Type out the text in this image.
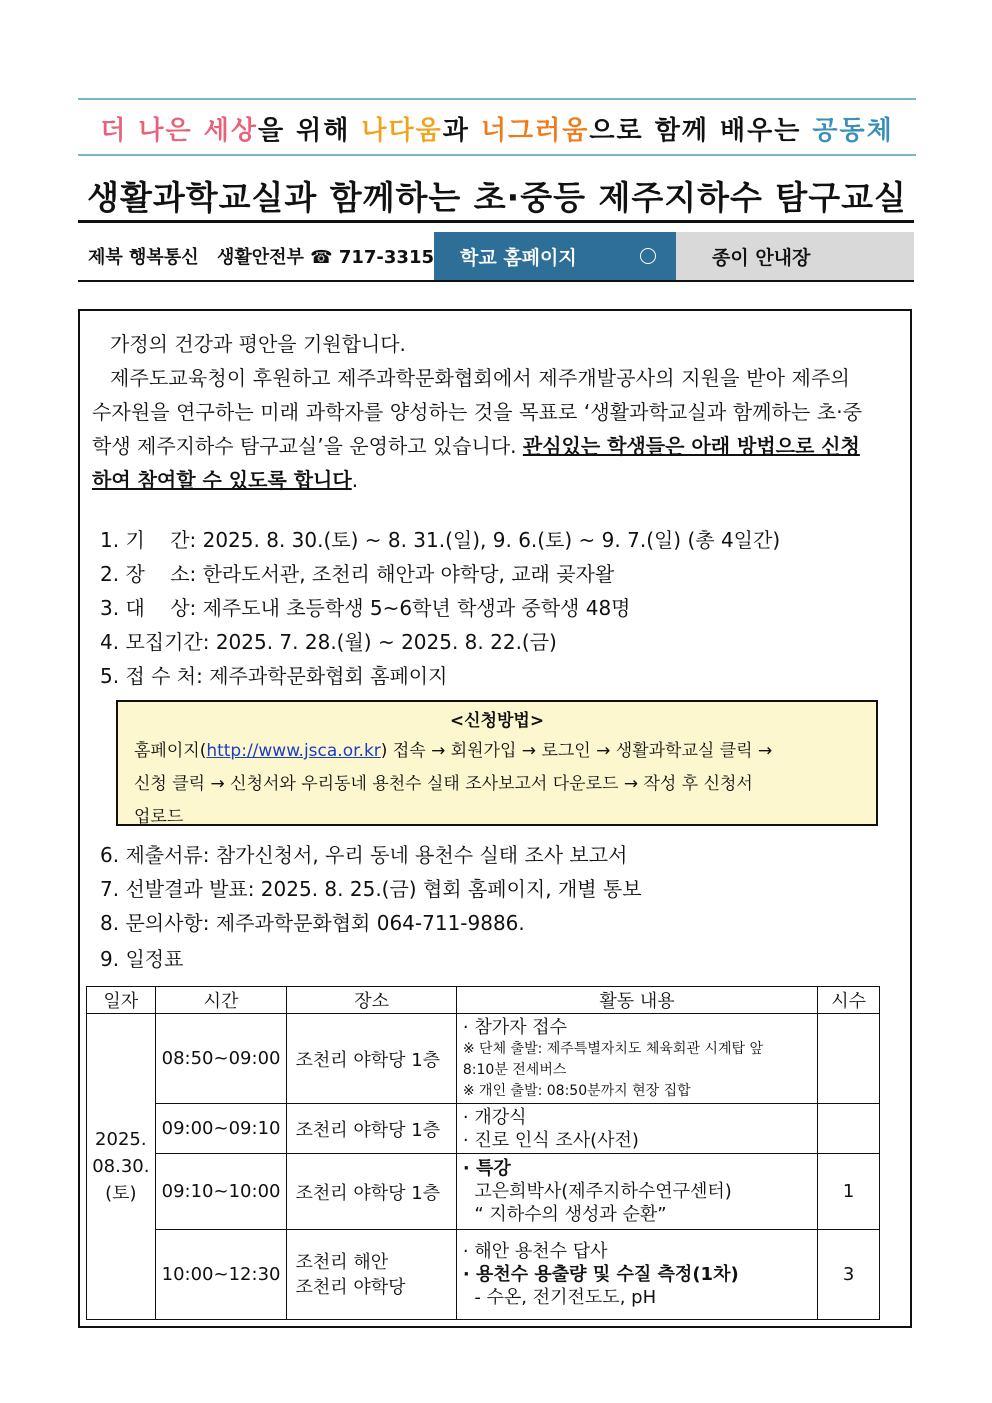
더 나은 세상 을 위해 나다움 과 너그러움 으로 함께 배우는 공동체
생활과학교실과 함께하는 초·중등 제주지하수 탐구교실
제북 행복통신 생활안전부 ☎ 717-3315 학교 홈페이지	종이 안내장
가정의 건강과 평안을 기원합니다.
제주도교육청이 후원하고 제주과학문화협회에서 제주개발공사의 지원을 받아 제주의
수자원을 연구하는 미래 과학자를 양성하는 것을 목표로 ‘생활과학교실과 함께하는 초·중
학생 제주지하수 탐구교실’을 운영하고 있습니다. 관심있는 학생들은 아래 방법으로 신청
하여 참여할 수 있도록 합니다.
1. 기    간: 2025. 8. 30.(토) ~ 8. 31.(일), 9. 6.(토) ~ 9. 7.(일) (총 4일간)
2. 장    소: 한라도서관, 조천리 해안과 야학당, 교래 곶자왈
3. 대    상: 제주도내 초등학생 5~6학년 학생과 중학생 48명
4. 모집기간: 2025. 7. 28.(월) ~ 2025. 8. 22.(금)
5. 접 수 처: 제주과학문화협회 홈페이지
<신청방법>
홈페이지(http://www.jsca.or.kr) 접속 → 회원가입 → 로그인 → 생활과학교실 클릭 →
신청 클릭 → 신청서와 우리동네 용천수 실태 조사보고서 다운로드 → 작성 후 신청서
업로드
6. 제출서류: 참가신청서, 우리 동네 용천수 실태 조사 보고서
7. 선발결과 발표: 2025. 8. 25.(금) 협회 홈페이지, 개별 통보
8. 문의사항: 제주과학문화협회 064-711-9886.
9. 일정표
일자	시간	장소	활동 내용	시수

2025.
08.30.
(토)	08:50~09:00	조천리 야학당 1층	· 참가자 접수
※ 단체 출발: 제주특별자치도 체육회관 시계탑 앞
8:10분 전세버스
※ 개인 출발: 08:50분까지 현장 집합	

	09:00~09:10	조천리 야학당 1층	· 개강식
· 진로 인식 조사(사전)	

	09:10~10:00	조천리 야학당 1층	· 특강
고은희박사(제주지하수연구센터)
“ 지하수의 생성과 순환”	1
	10:00~12:30	조천리 해안
조천리 야학당	· 해안 용천수 답사
· 용천수 용출량 및 수질 측정(1차)
- 수온, 전기전도도, pH	3
